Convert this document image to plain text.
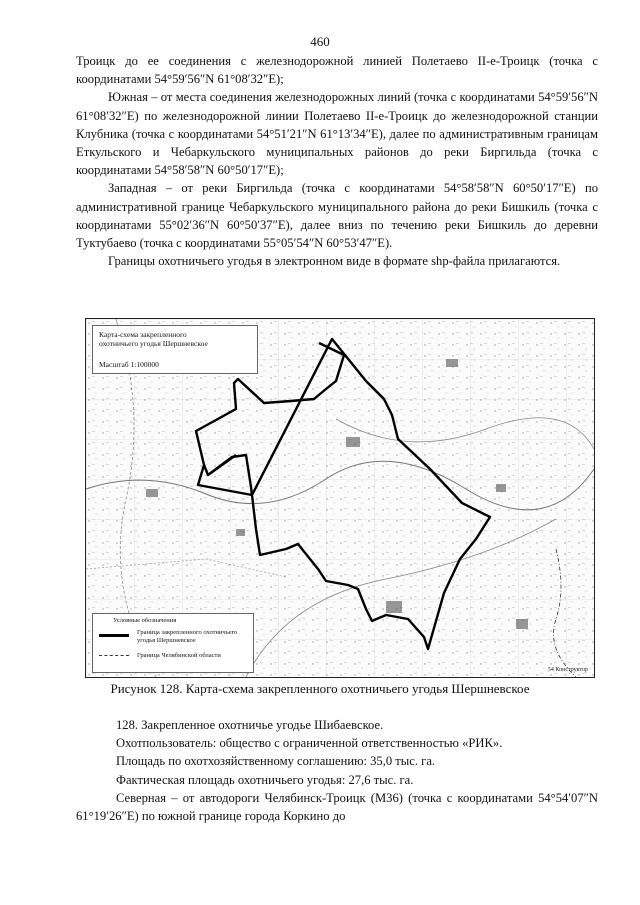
460

Троицк до ее соединения с железнодорожной линией Полетаево II-е-Троицк (точка с координатами 54°59′56″N 61°08′32″E);

Южная – от места соединения железнодорожных линий (точка с координатами 54°59′56″N 61°08′32″E) по железнодорожной линии Полетаево II-е-Троицк до железнодорожной станции Клубника (точка с координатами 54°51′21″N 61°13′34″E), далее по административным границам Еткульского и Чебаркульского муниципальных районов до реки Биргильда (точка с координатами 54°58′58″N 60°50′17″E);

Западная – от реки Биргильда (точка с координатами 54°58′58″N 60°50′17″E) по административной границе Чебаркульского муниципального района до реки Бишкиль (точка с координатами 55°02′36″N 60°50′37″E), далее вниз по течению реки Бишкиль до деревни Туктубаево (точка с координатами 55°05′54″N 60°53′47″E).

Границы охотничьего угодья в электронном виде в формате shp-файла прилагаются.

Карта-схема закрепленного
охотничьего угодья Шершневское
Масштаб 1:100000
Условные обозначения
Граница закрепленного охотничьего угодья Шершневское
Граница Челябинской области
54 Конструктор
Рисунок 128. Карта-схема закрепленного охотничьего угодья Шершневское

128. Закрепленное охотничье угодье Шибаевское.

Охотпользователь: общество с ограниченной ответственностью «РИК».

Площадь по охотхозяйственному соглашению: 35,0 тыс. га.

Фактическая площадь охотничьего угодья: 27,6 тыс. га.

Северная – от автодороги Челябинск-Троицк (М36) (точка с координатами 54°54′07″N 61°19′26″E) по южной границе города Коркино до
